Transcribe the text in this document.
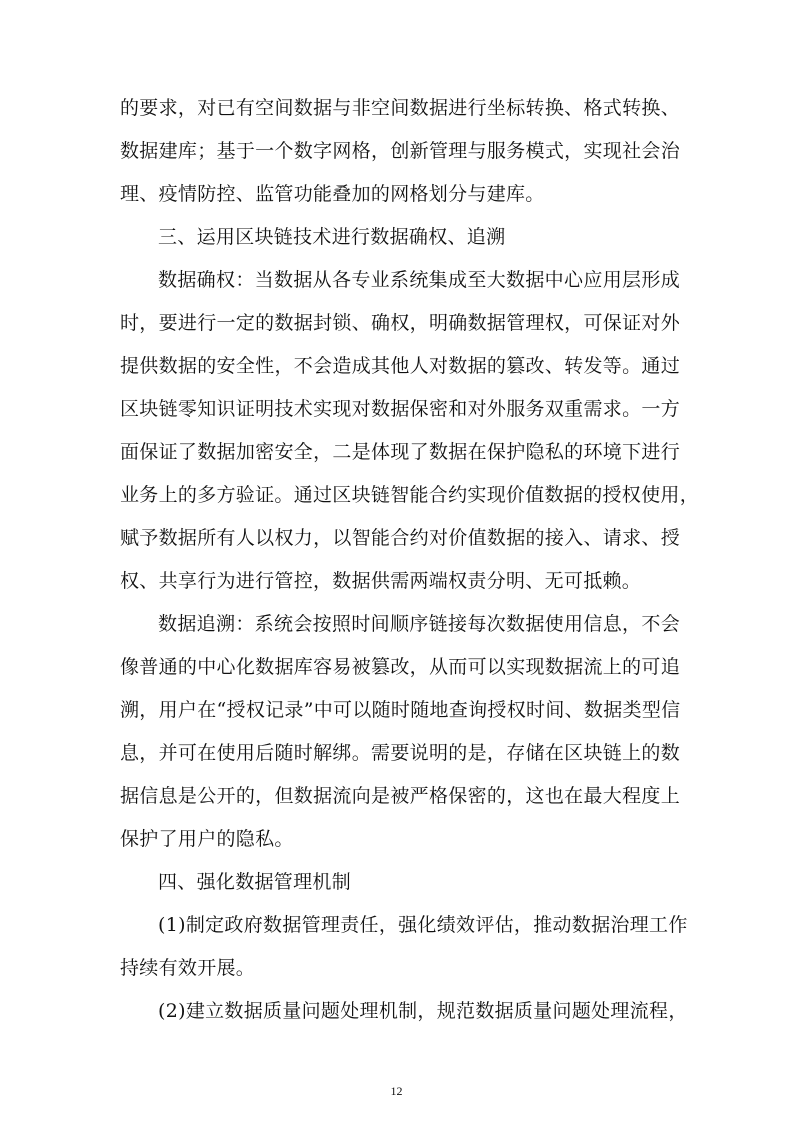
的要求，对已有空间数据与非空间数据进行坐标转换、格式转换、
数据建库；基于一个数字网格，创新管理与服务模式，实现社会治
理、疫情防控、监管功能叠加的网格划分与建库。
三、运用区块链技术进行数据确权、追溯
数据确权：当数据从各专业系统集成至大数据中心应用层形成
时，要进行一定的数据封锁、确权，明确数据管理权，可保证对外
提供数据的安全性，不会造成其他人对数据的篡改、转发等。通过
区块链零知识证明技术实现对数据保密和对外服务双重需求。一方
面保证了数据加密安全，二是体现了数据在保护隐私的环境下进行
业务上的多方验证。通过区块链智能合约实现价值数据的授权使用，
赋予数据所有人以权力，以智能合约对价值数据的接入、请求、授
权、共享行为进行管控，数据供需两端权责分明、无可抵赖。
数据追溯：系统会按照时间顺序链接每次数据使用信息，不会
像普通的中心化数据库容易被篡改，从而可以实现数据流上的可追
溯，用户在“授权记录”中可以随时随地查询授权时间、数据类型信
息，并可在使用后随时解绑。需要说明的是，存储在区块链上的数
据信息是公开的，但数据流向是被严格保密的，这也在最大程度上
保护了用户的隐私。
四、强化数据管理机制
(1)制定政府数据管理责任，强化绩效评估，推动数据治理工作
持续有效开展。
(2)建立数据质量问题处理机制，规范数据质量问题处理流程，
12
